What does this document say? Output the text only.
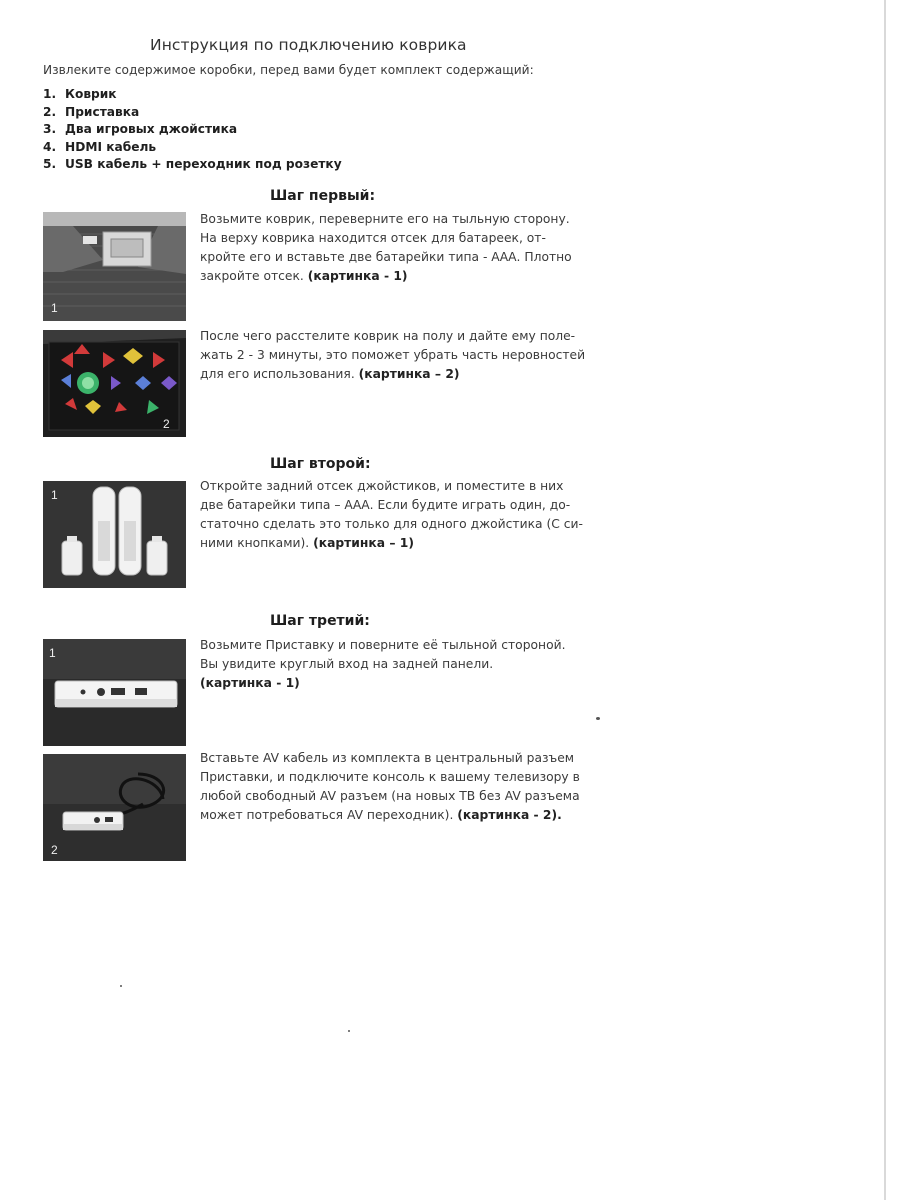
Инструкция по подключению коврика
Извлеките содержимое коробки, перед вами будет комплект содержащий:
1. Коврик
2. Приставка
3. Два игровых джойстика
4. HDMI кабель
5. USB кабель + переходник под розетку
Шаг первый:
1

Возьмите коврик, переверните его на тыльную сторону.
На верху коврика находится отсек для батареек, от-
кройте его и вставьте две батарейки типа - ААА. Плотно
закройте отсек. (картинка - 1)

2

После чего расстелите коврик на полу и дайте ему поле-
жать 2 - 3 минуты, это поможет убрать часть неровностей
для его использования. (картинка – 2)

Шаг второй:
1

Откройте задний отсек джойстиков, и поместите в них
две батарейки типа – ААА. Если будите играть один, до-
статочно сделать это только для одного джойстика (С си-
ними кнопками). (картинка – 1)

Шаг третий:
1

Возьмите Приставку и поверните её тыльной стороной.
Вы увидите круглый вход на задней панели.
(картинка - 1)

2

Вставьте AV кабель из комплекта в центральный разъем
Приставки, и подключите консоль к вашему телевизору в
любой свободный AV разъем (на новых ТВ без AV разъема
может потребоваться AV переходник). (картинка - 2).
